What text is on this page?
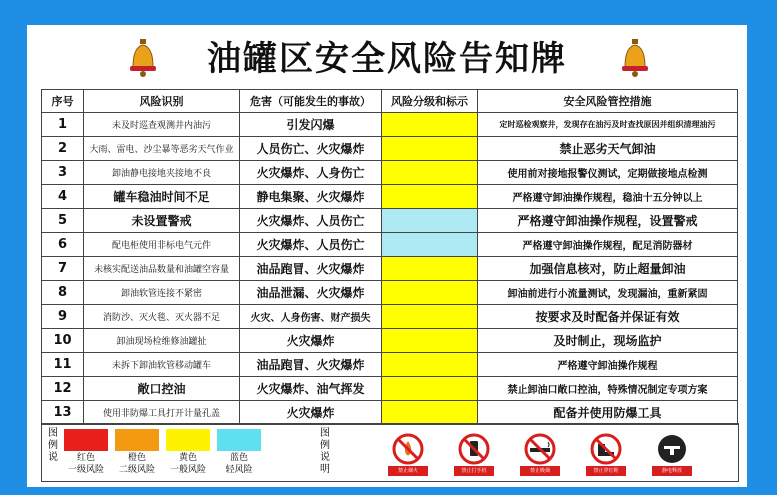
油罐区安全风险告知牌
序号	风险识别	危害（可能发生的事故）	风险分级和标示	安全风险管控措施
1	未及时巡查观测井内油污	引发闪爆		定时巡检观察井，发现存在油污及时查找原因并组织清理油污
2	大雨、雷电、沙尘暴等恶劣天气作业	人员伤亡、火灾爆炸		禁止恶劣天气卸油
3	卸油静电接地夹接地不良	火灾爆炸、人身伤亡		使用前对接地报警仪测试，定期做接地点检测
4	罐车稳油时间不足	静电集聚、火灾爆炸		严格遵守卸油操作规程，稳油十五分钟以上
5	未设置警戒	火灾爆炸、人员伤亡		严格遵守卸油操作规程，设置警戒
6	配电柜使用非标电气元件	火灾爆炸、人员伤亡		严格遵守卸油操作规程，配足消防器材
7	未核实配送油品数量和油罐空容量	油品跑冒、火灾爆炸		加强信息核对，防止超量卸油
8	卸油软管连接不紧密	油品泄漏、火灾爆炸		卸油前进行小流量测试，发现漏油，重新紧固
9	消防沙、灭火毯、灭火器不足	火灾、人身伤害、财产损失		按要求及时配备并保证有效
10	卸油现场检维修油罐扯	火灾爆炸		及时制止，现场监护
11	未拆下卸油软管移动罐车	油品跑冒、火灾爆炸		严格遵守卸油操作规程
12	敞口控油	火灾爆炸、油气挥发		禁止卸油口敞口控油，特殊情况制定专项方案
13	使用非防爆工具打开计量孔盖	火灾爆炸		配备并使用防爆工具
图例说	红色
一级风险
橙色
二级风险
黄色
一般风险
蓝色
轻风险
图例说明	禁止烟火	禁止打手机	禁止吸烟	禁止穿钉鞋	静电释放
